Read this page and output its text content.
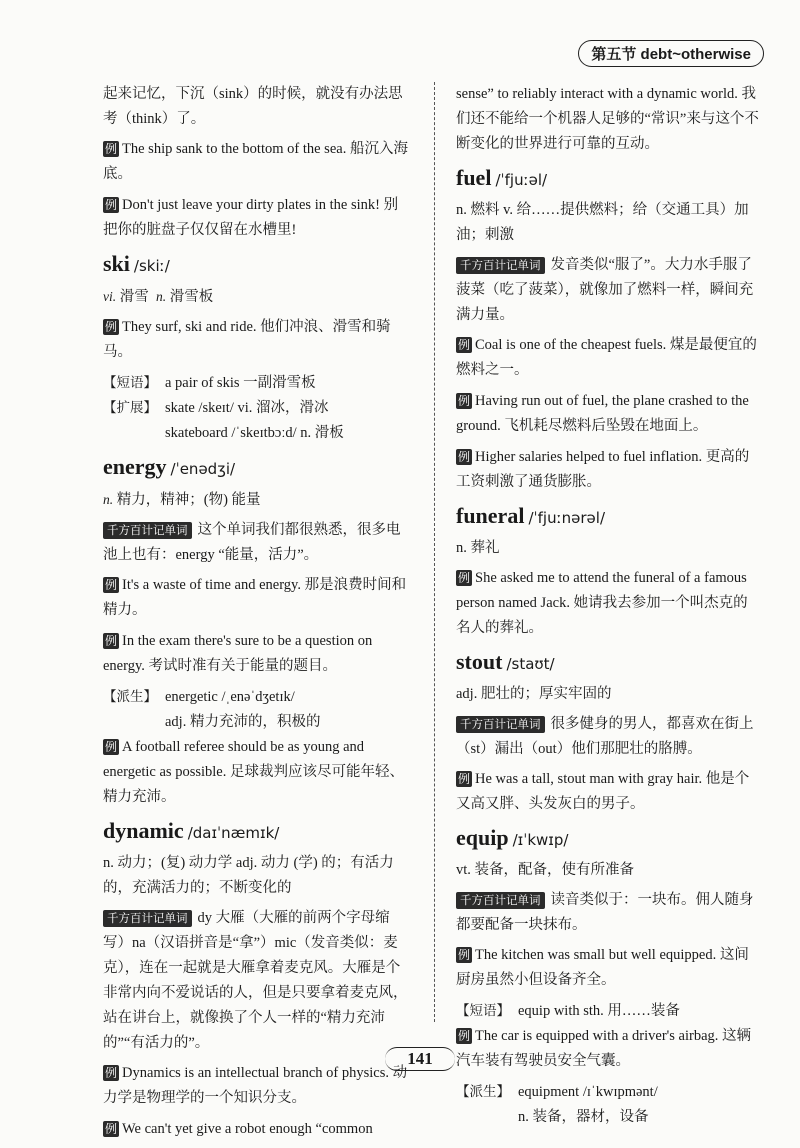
第五节 debt~otherwise

起来记忆，下沉（sink）的时候，就没有办法思考（think）了。

例 The ship sank to the bottom of the sea. 船沉入海底。

例 Don't just leave your dirty plates in the sink! 别把你的脏盘子仅仅留在水槽里!

ski /skiː/

vi. 滑雪 n. 滑雪板

例 They surf, ski and ride. 他们冲浪、滑雪和骑马。

【短语】 a pair of skis 一副滑雪板
【扩展】 skate /skeɪt/ vi. 溜冰，滑冰
skateboard /ˈskeɪtbɔːd/ n. 滑板
energy /ˈenədʒi/

n. 精力，精神；(物) 能量

千方百计记单词 这个单词我们都很熟悉，很多电池上也有：energy “能量，活力”。

例 It's a waste of time and energy. 那是浪费时间和精力。

例 In the exam there's sure to be a question on energy. 考试时准有关于能量的题目。

【派生】 energetic /ˌenəˈdʒetɪk/
adj. 精力充沛的，积极的

例 A football referee should be as young and energetic as possible. 足球裁判应该尽可能年轻、精力充沛。

dynamic /daɪˈnæmɪk/

n. 动力；(复) 动力学 adj. 动力 (学) 的；有活力的，充满活力的；不断变化的

千方百计记单词 dy 大雁（大雁的前两个字母缩写）na（汉语拼音是“拿”）mic（发音类似：麦克），连在一起就是大雁拿着麦克风。大雁是个非常内向不爱说话的人，但是只要拿着麦克风，站在讲台上，就像换了个人一样的“精力充沛的”“有活力的”。

例 Dynamics is an intellectual branch of physics. 动力学是物理学的一个知识分支。

例 We can't yet give a robot enough “common

sense” to reliably interact with a dynamic world. 我们还不能给一个机器人足够的“常识”来与这个不断变化的世界进行可靠的互动。

fuel /ˈfjuːəl/

n. 燃料 v. 给……提供燃料；给（交通工具）加油；刺激

千方百计记单词 发音类似“服了”。大力水手服了菠菜（吃了菠菜），就像加了燃料一样，瞬间充满力量。

例 Coal is one of the cheapest fuels. 煤是最便宜的燃料之一。

例 Having run out of fuel, the plane crashed to the ground. 飞机耗尽燃料后坠毁在地面上。

例 Higher salaries helped to fuel inflation. 更高的工资刺激了通货膨胀。

funeral /ˈfjuːnərəl/

n. 葬礼

例 She asked me to attend the funeral of a famous person named Jack. 她请我去参加一个叫杰克的名人的葬礼。

stout /staʊt/

adj. 肥壮的；厚实牢固的

千方百计记单词 很多健身的男人，都喜欢在街上（st）漏出（out）他们那肥壮的胳膊。

例 He was a tall, stout man with gray hair. 他是个又高又胖、头发灰白的男子。

equip /ɪˈkwɪp/

vt. 装备，配备，使有所准备

千方百计记单词 读音类似于：一块布。佣人随身都要配备一块抹布。

例 The kitchen was small but well equipped. 这间厨房虽然小但设备齐全。

【短语】 equip with sth. 用……装备

例 The car is equipped with a driver's airbag. 这辆汽车装有驾驶员安全气囊。

【派生】 equipment /ɪˈkwɪpmənt/
n. 装备，器材，设备
141
